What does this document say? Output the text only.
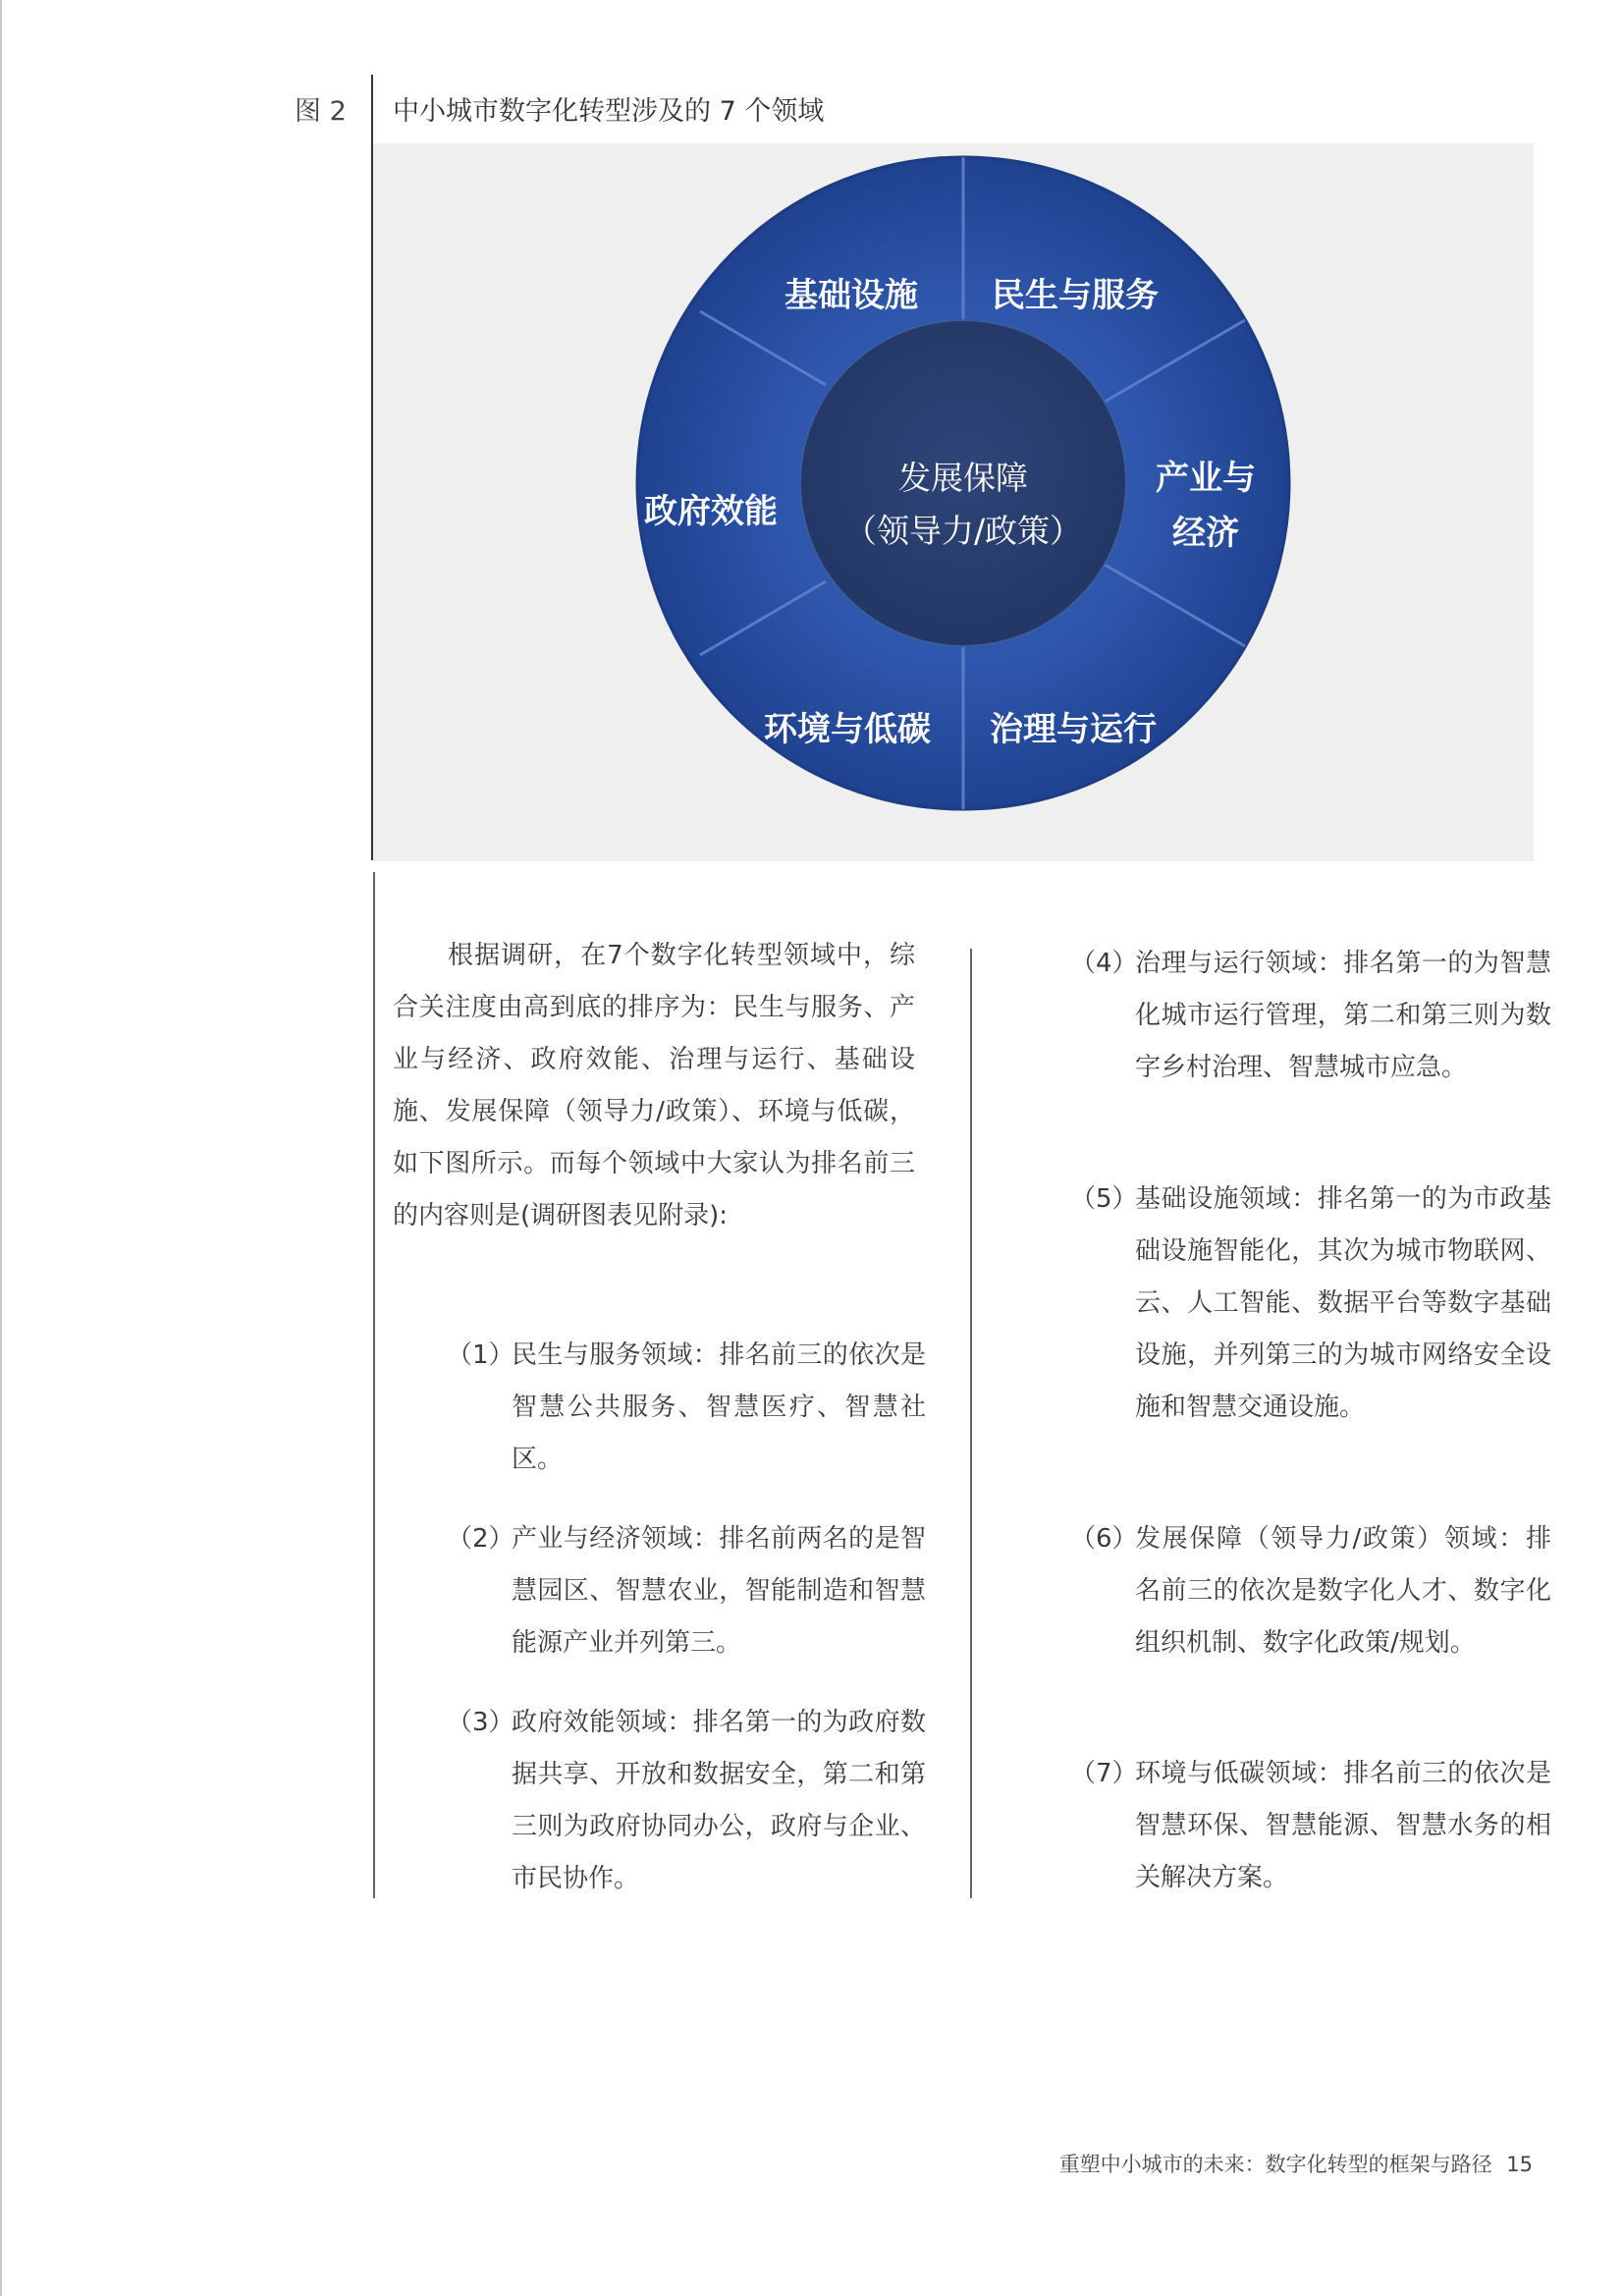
图 2 中小城市数字化转型涉及的 7 个领域
基础设施 民生与服务
产业与
经济
治理与运行
环境与低碳
政府效能
发展保障
（领导力/政策）

根据调研，在7个数字化转型领域中，综合关注度由高到底的排序为：民生与服务、产业与经济、政府效能、治理与运行、基础设施、发展保障（领导力/政策）、环境与低碳，如下图所示。而每个领域中大家认为排名前三的内容则是(调研图表见附录):

（1）

民生与服务领域：排名前三的依次是智慧公共服务、智慧医疗、智慧社区。

（2）

产业与经济领域：排名前两名的是智慧园区、智慧农业，智能制造和智慧能源产业并列第三。

（3）

政府效能领域：排名第一的为政府数据共享、开放和数据安全，第二和第三则为政府协同办公，政府与企业、市民协作。

（4）

治理与运行领域：排名第一的为智慧化城市运行管理，第二和第三则为数字乡村治理、智慧城市应急。

（5）

基础设施领域：排名第一的为市政基础设施智能化，其次为城市物联网、云、人工智能、数据平台等数字基础设施，并列第三的为城市网络安全设施和智慧交通设施。

（6）

发展保障（领导力/政策）领域：排名前三的依次是数字化人才、数字化组织机制、数字化政策/规划。

（7）

环境与低碳领域：排名前三的依次是智慧环保、智慧能源、智慧水务的相关解决方案。

重塑中小城市的未来：数字化转型的框架与路径 15
